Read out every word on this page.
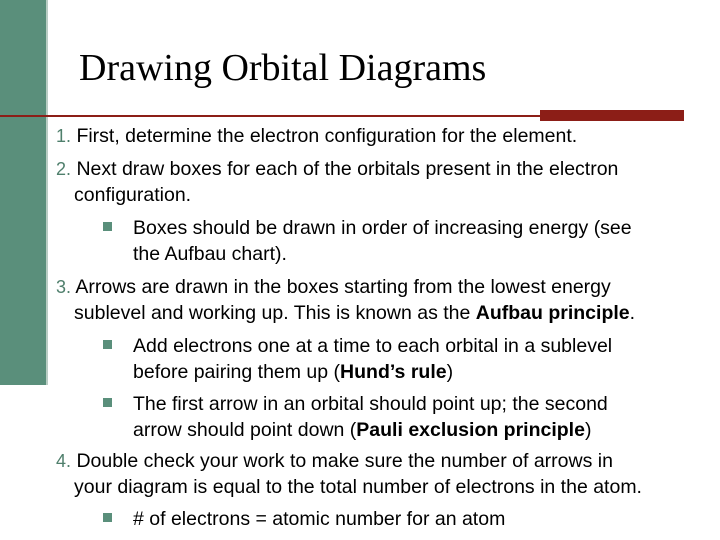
Drawing Orbital Diagrams
1. First, determine the electron configuration for the element.
2. Next draw boxes for each of the orbitals present in the electron
configuration.
Boxes should be drawn in order of increasing energy (see
the Aufbau chart).
3. Arrows are drawn in the boxes starting from the lowest energy
sublevel and working up. This is known as the Aufbau principle.
Add electrons one at a time to each orbital in a sublevel
before pairing them up (Hund’s rule)
The first arrow in an orbital should point up; the second
arrow should point down (Pauli exclusion principle)
4. Double check your work to make sure the number of arrows in
your diagram is equal to the total number of electrons in the atom.
# of electrons = atomic number for an atom
